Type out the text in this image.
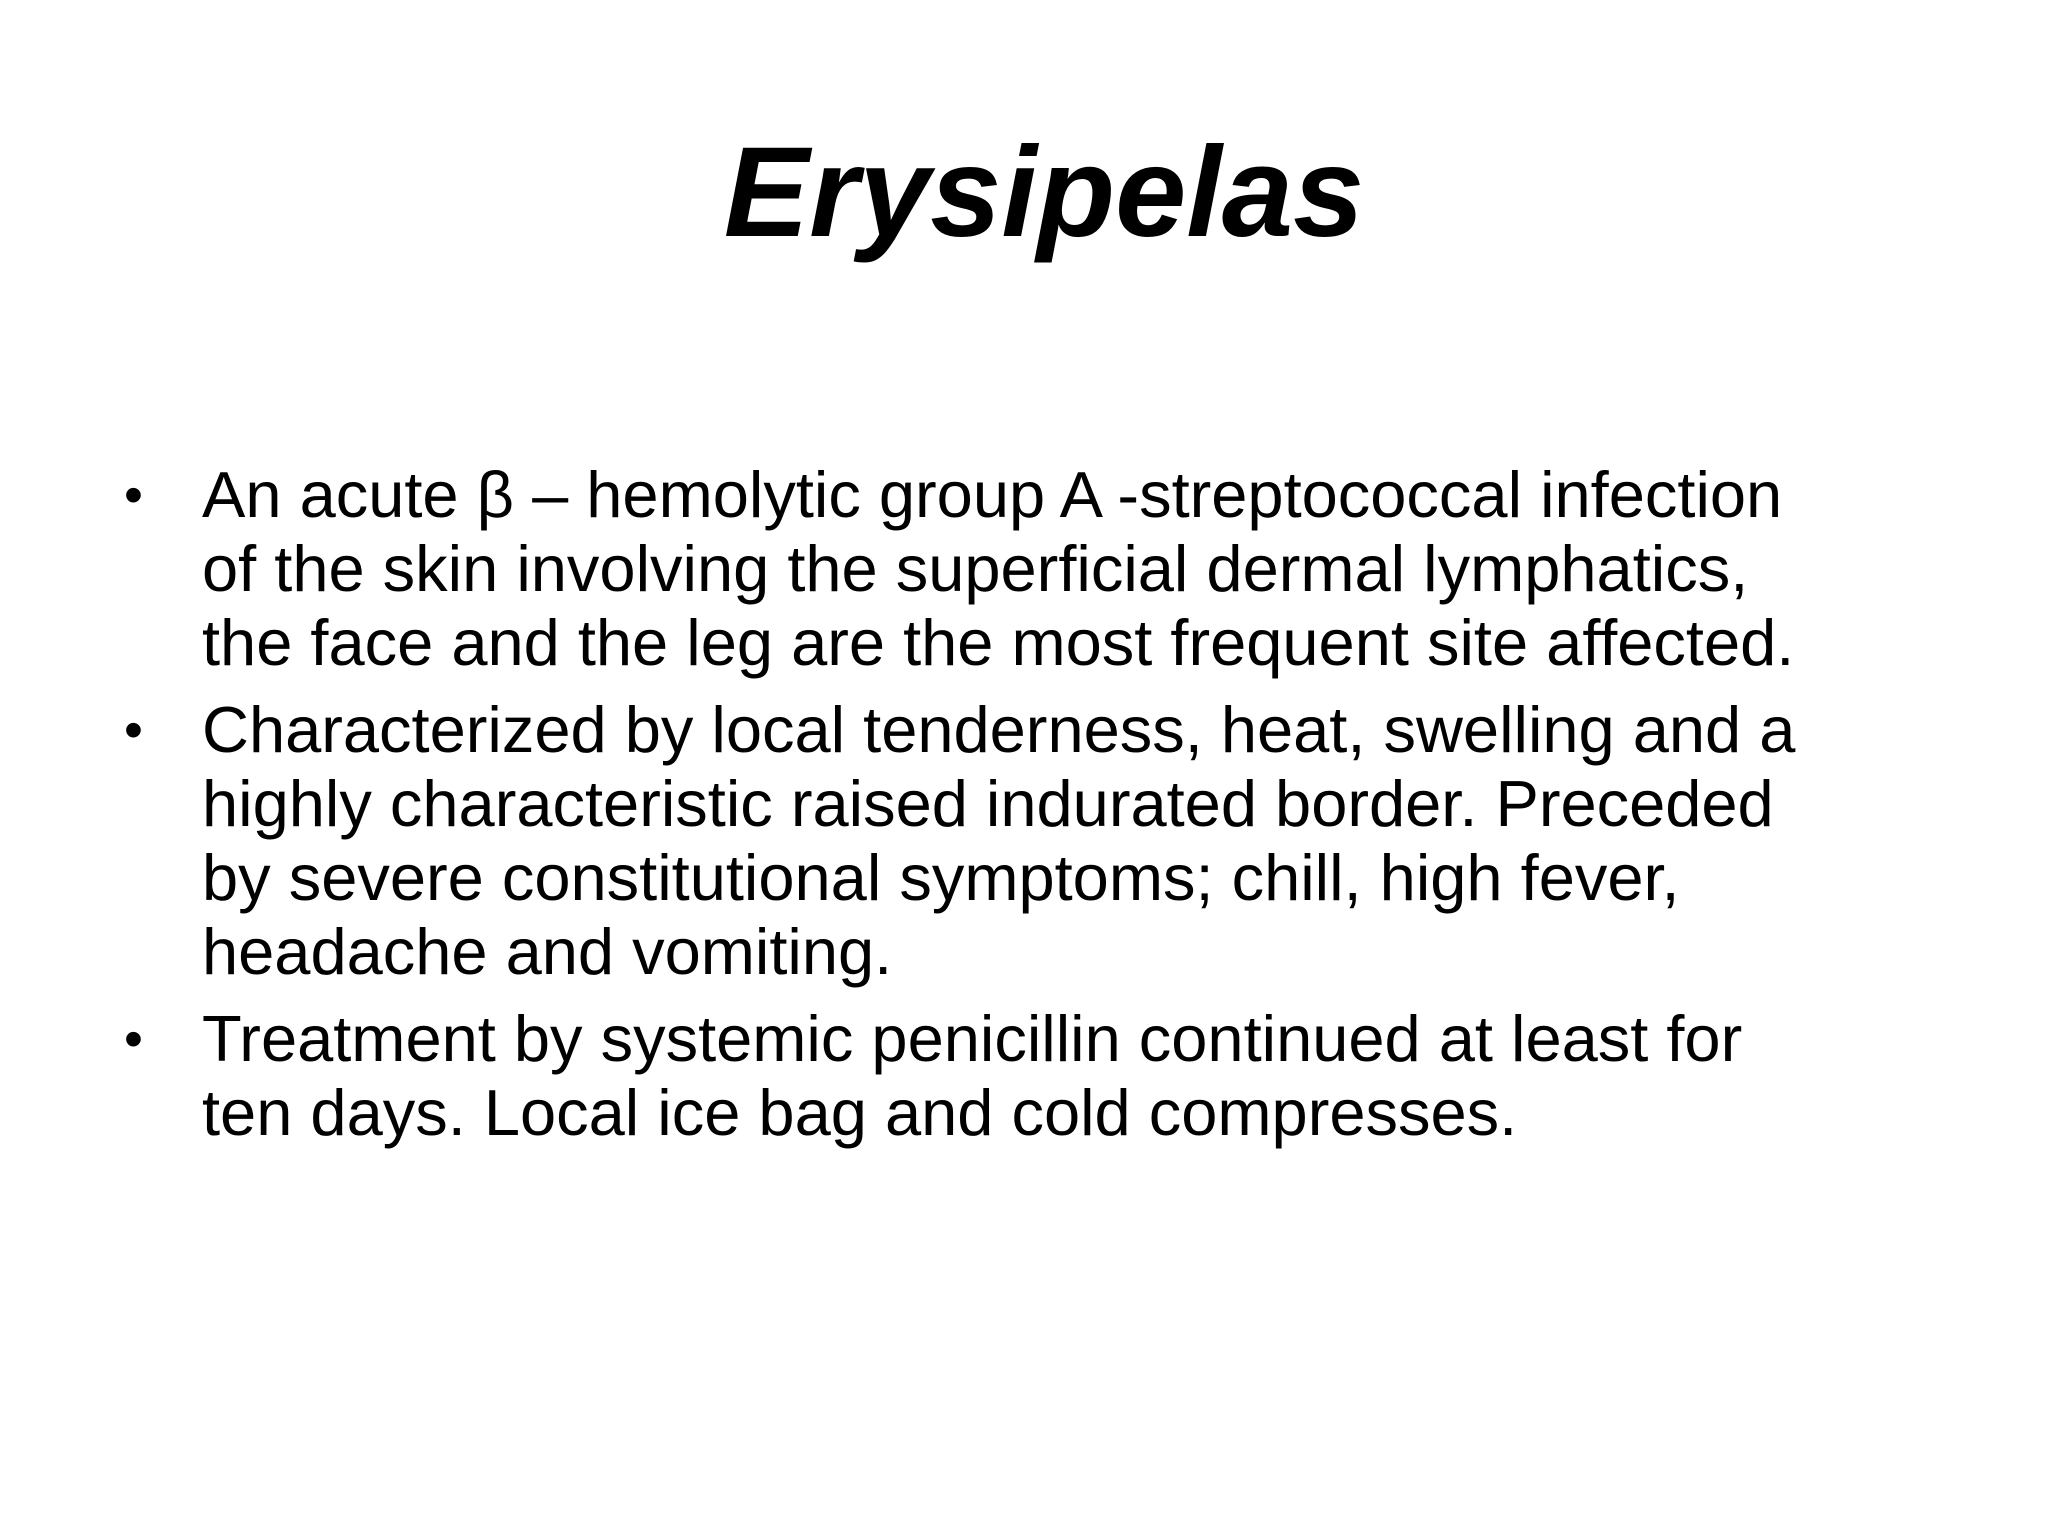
Erysipelas
• An acute β – hemolytic group A -streptococcal infection
of the skin involving the superficial dermal lymphatics,
the face and the leg are the most frequent site affected.
• Characterized by local tenderness, heat, swelling and a
highly characteristic raised indurated border. Preceded
by severe constitutional symptoms; chill, high fever,
headache and vomiting.
• Treatment by systemic penicillin continued at least for
ten days. Local ice bag and cold compresses.
